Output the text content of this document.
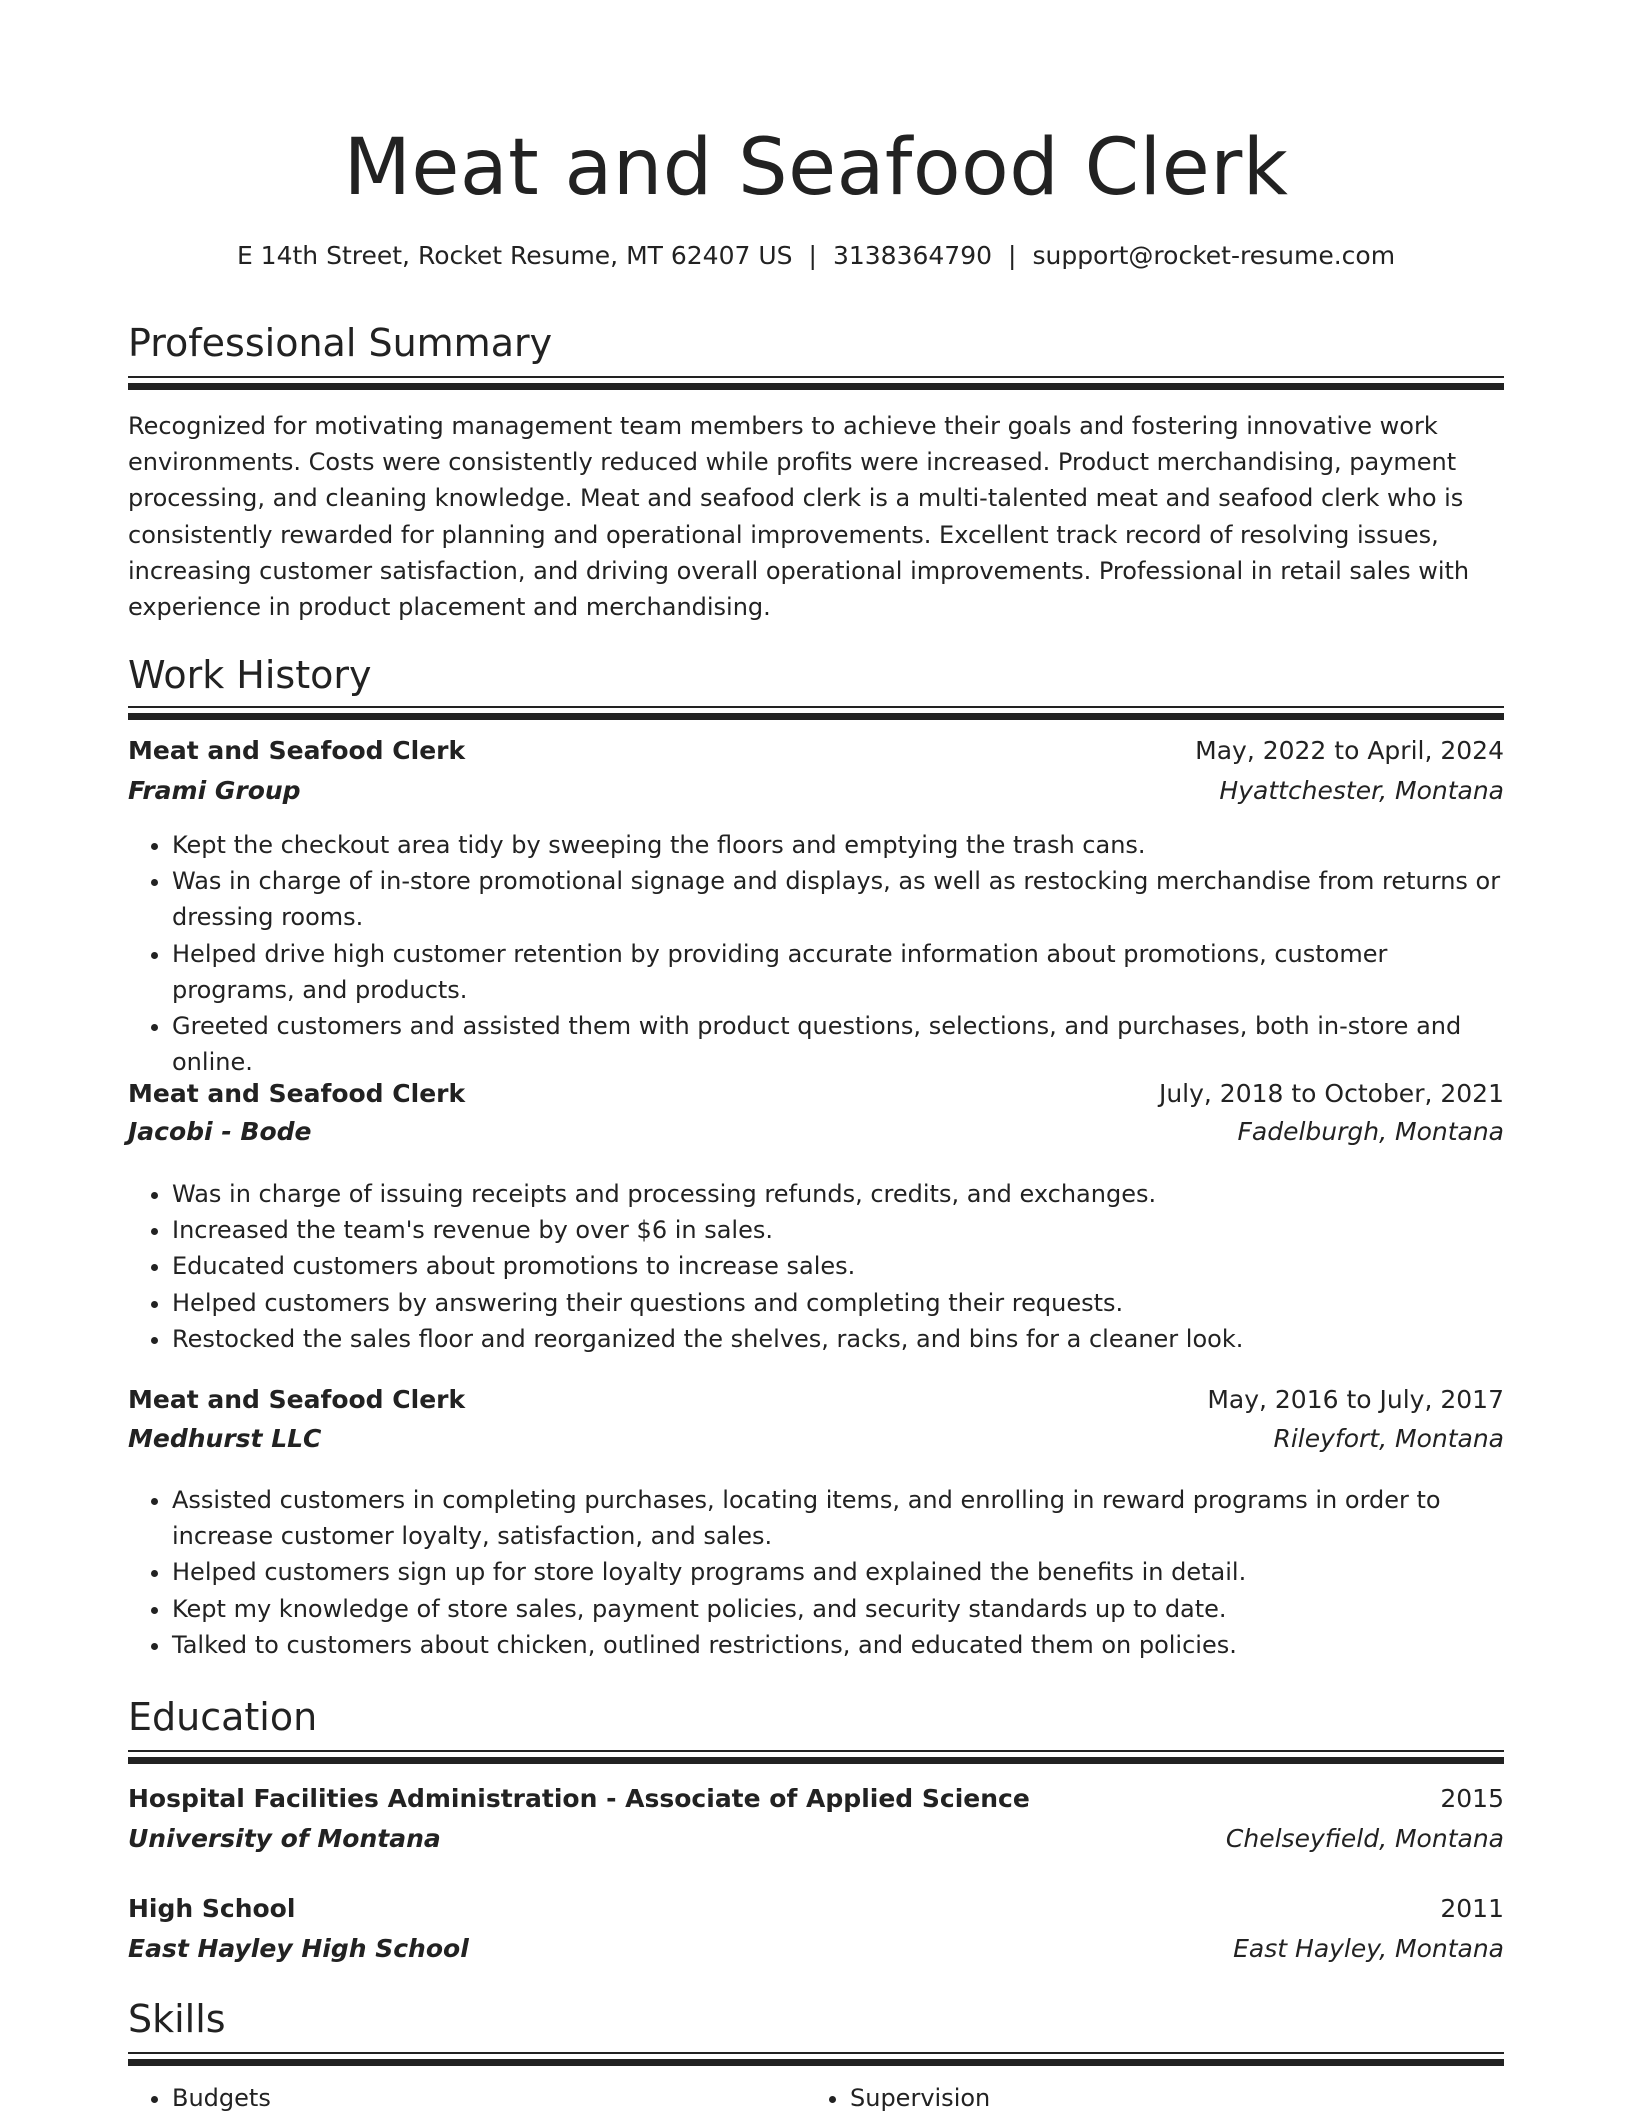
Meat and Seafood Clerk
E 14th Street, Rocket Resume, MT 62407 US | 3138364790 | support@rocket-resume.com
Professional Summary
Recognized for motivating management team members to achieve their goals and fostering innovative work environments. Costs were consistently reduced while profits were increased. Product merchandising, payment processing, and cleaning knowledge. Meat and seafood clerk is a multi-talented meat and seafood clerk who is consistently rewarded for planning and operational improvements. Excellent track record of resolving issues, increasing customer satisfaction, and driving overall operational improvements. Professional in retail sales with experience in product placement and merchandising.
Work History
Meat and Seafood Clerk	May, 2022 to April, 2024
Frami Group	Hyattchester, Montana
• Kept the checkout area tidy by sweeping the floors and emptying the trash cans.
• Was in charge of in-store promotional signage and displays, as well as restocking merchandise from returns or dressing rooms.
• Helped drive high customer retention by providing accurate information about promotions, customer programs, and products.
• Greeted customers and assisted them with product questions, selections, and purchases, both in-store and online.
Meat and Seafood Clerk	July, 2018 to October, 2021
Jacobi - Bode	Fadelburgh, Montana
• Was in charge of issuing receipts and processing refunds, credits, and exchanges.
• Increased the team's revenue by over $6 in sales.
• Educated customers about promotions to increase sales.
• Helped customers by answering their questions and completing their requests.
• Restocked the sales floor and reorganized the shelves, racks, and bins for a cleaner look.
Meat and Seafood Clerk	May, 2016 to July, 2017
Medhurst LLC	Rileyfort, Montana
• Assisted customers in completing purchases, locating items, and enrolling in reward programs in order to increase customer loyalty, satisfaction, and sales.
• Helped customers sign up for store loyalty programs and explained the benefits in detail.
• Kept my knowledge of store sales, payment policies, and security standards up to date.
• Talked to customers about chicken, outlined restrictions, and educated them on policies.
Education
Hospital Facilities Administration - Associate of Applied Science	2015
University of Montana	Chelseyfield, Montana
High School	2011
East Hayley High School	East Hayley, Montana
Skills
• Budgets
•	Supervision
